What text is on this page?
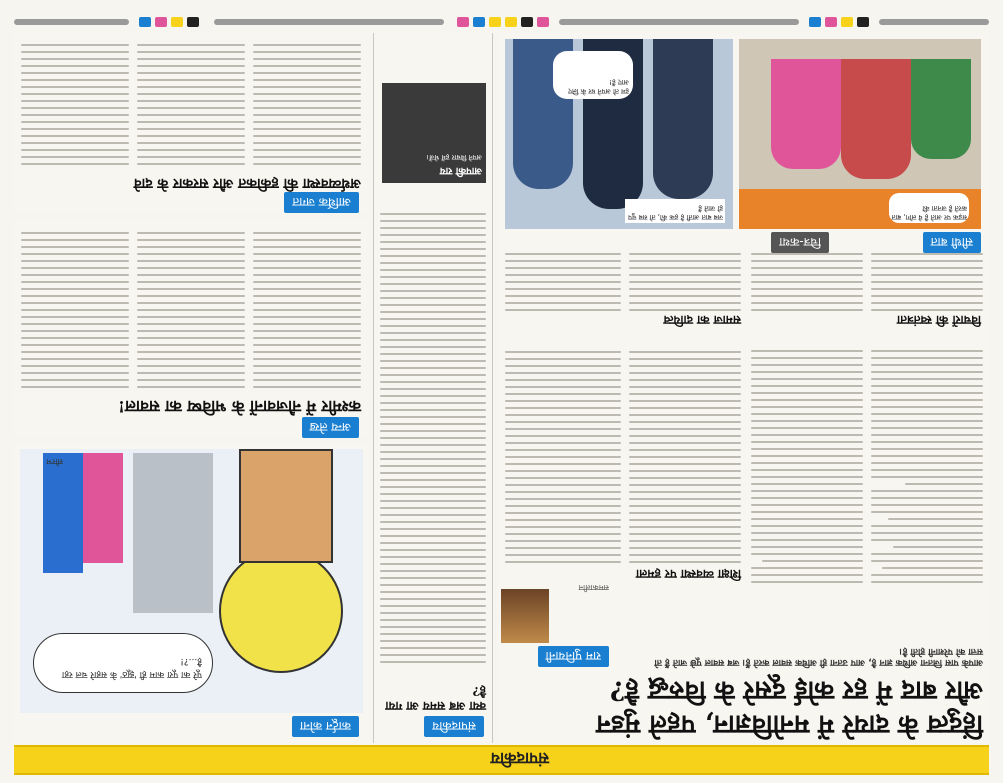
संपादकीय
हिंदुत्व के दायरे में मनोविज्ञान, पहले मुंडन
और बाद में हर कोई दूसरे के विरुद्ध है?
आपके पास जितना अधिक ज्ञान है, आप उतना ही अधिक सवाल करते हैं। जब सवाल पूछे जाते हैं तो सत्ता को परेशानी होती है।
राम पुनियानी
समकालीन
शिक्षा व्यवस्था पर हमला
विचारों की स्वतंत्रता
समाज का दायित्व
सीधी बात
चित्र-कथा
सड़क पर आते हैं ये लोग, बात करते हैं जनता की
हम तो अपने घर के लिए आए हैं!
जब बात आती है हक की, तो सब चुप हो जाते हैं
संपादकीय
क्या अब समय आ गया है?
आपकी राय
अपने विचार हमें भेजें।
कार्टून कोना
पूरे का पूरा काम ही 'झूठ' के सहारे चल रहा है...?!
सौरभ
अन्य लेख
कश्मीर में नौजवानों के भविष्य का सवाल!
आर्थिक जगत
अर्थव्यवस्था की हकीकत और सरकार के दावे
